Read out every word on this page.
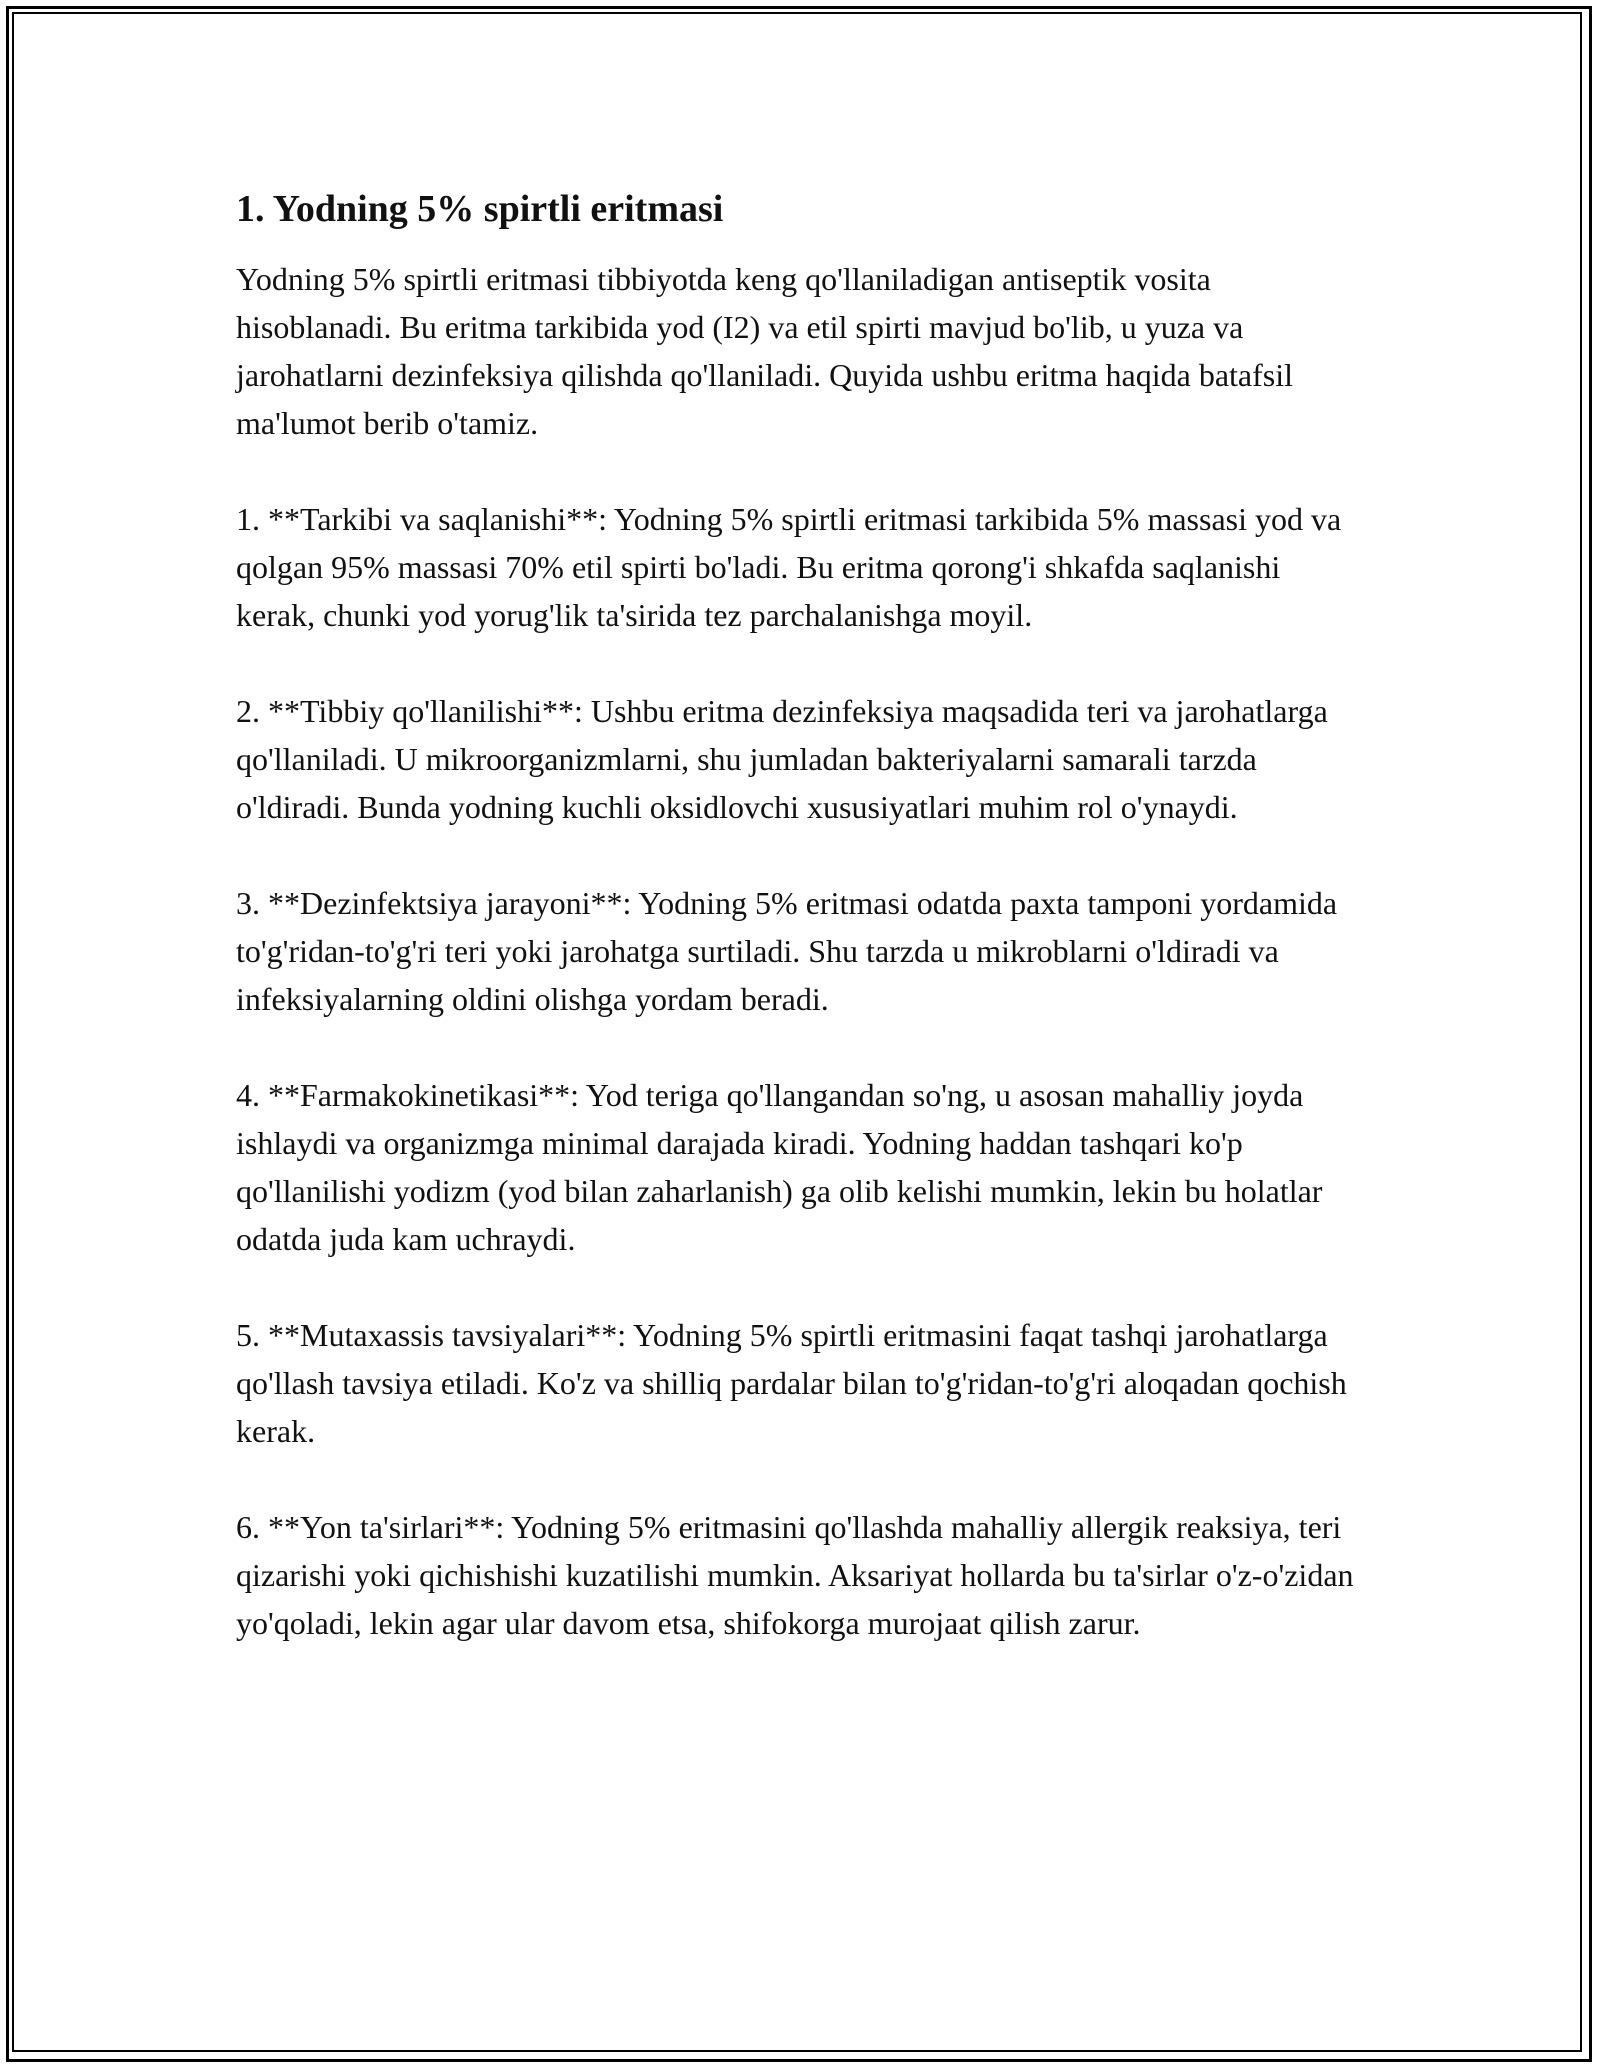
1. Yodning 5% spirtli eritmasi

Yodning 5% spirtli eritmasi tibbiyotda keng qo'llaniladigan antiseptik vosita hisoblanadi. Bu eritma tarkibida yod (I2) va etil spirti mavjud bo'lib, u yuza va jarohatlarni dezinfeksiya qilishda qo'llaniladi. Quyida ushbu eritma haqida batafsil ma'lumot berib o'tamiz.

1. **Tarkibi va saqlanishi**: Yodning 5% spirtli eritmasi tarkibida 5% massasi yod va qolgan 95% massasi 70% etil spirti bo'ladi. Bu eritma qorong'i shkafda saqlanishi kerak, chunki yod yorug'lik ta'sirida tez parchalanishga moyil.

2. **Tibbiy qo'llanilishi**: Ushbu eritma dezinfeksiya maqsadida teri va jarohatlarga qo'llaniladi. U mikroorganizmlarni, shu jumladan bakteriyalarni samarali tarzda o'ldiradi. Bunda yodning kuchli oksidlovchi xususiyatlari muhim rol o'ynaydi.

3. **Dezinfektsiya jarayoni**: Yodning 5% eritmasi odatda paxta tamponi yordamida to'g'ridan-to'g'ri teri yoki jarohatga surtiladi. Shu tarzda u mikroblarni o'ldiradi va infeksiyalarning oldini olishga yordam beradi.

4. **Farmakokinetikasi**: Yod teriga qo'llangandan so'ng, u asosan mahalliy joyda ishlaydi va organizmga minimal darajada kiradi. Yodning haddan tashqari ko'p qo'llanilishi yodizm (yod bilan zaharlanish) ga olib kelishi mumkin, lekin bu holatlar odatda juda kam uchraydi.

5. **Mutaxassis tavsiyalari**: Yodning 5% spirtli eritmasini faqat tashqi jarohatlarga qo'llash tavsiya etiladi. Ko'z va shilliq pardalar bilan to'g'ridan-to'g'ri aloqadan qochish kerak.

6. **Yon ta'sirlari**: Yodning 5% eritmasini qo'llashda mahalliy allergik reaksiya, teri qizarishi yoki qichishishi kuzatilishi mumkin. Aksariyat hollarda bu ta'sirlar o'z-o'zidan yo'qoladi, lekin agar ular davom etsa, shifokorga murojaat qilish zarur.
